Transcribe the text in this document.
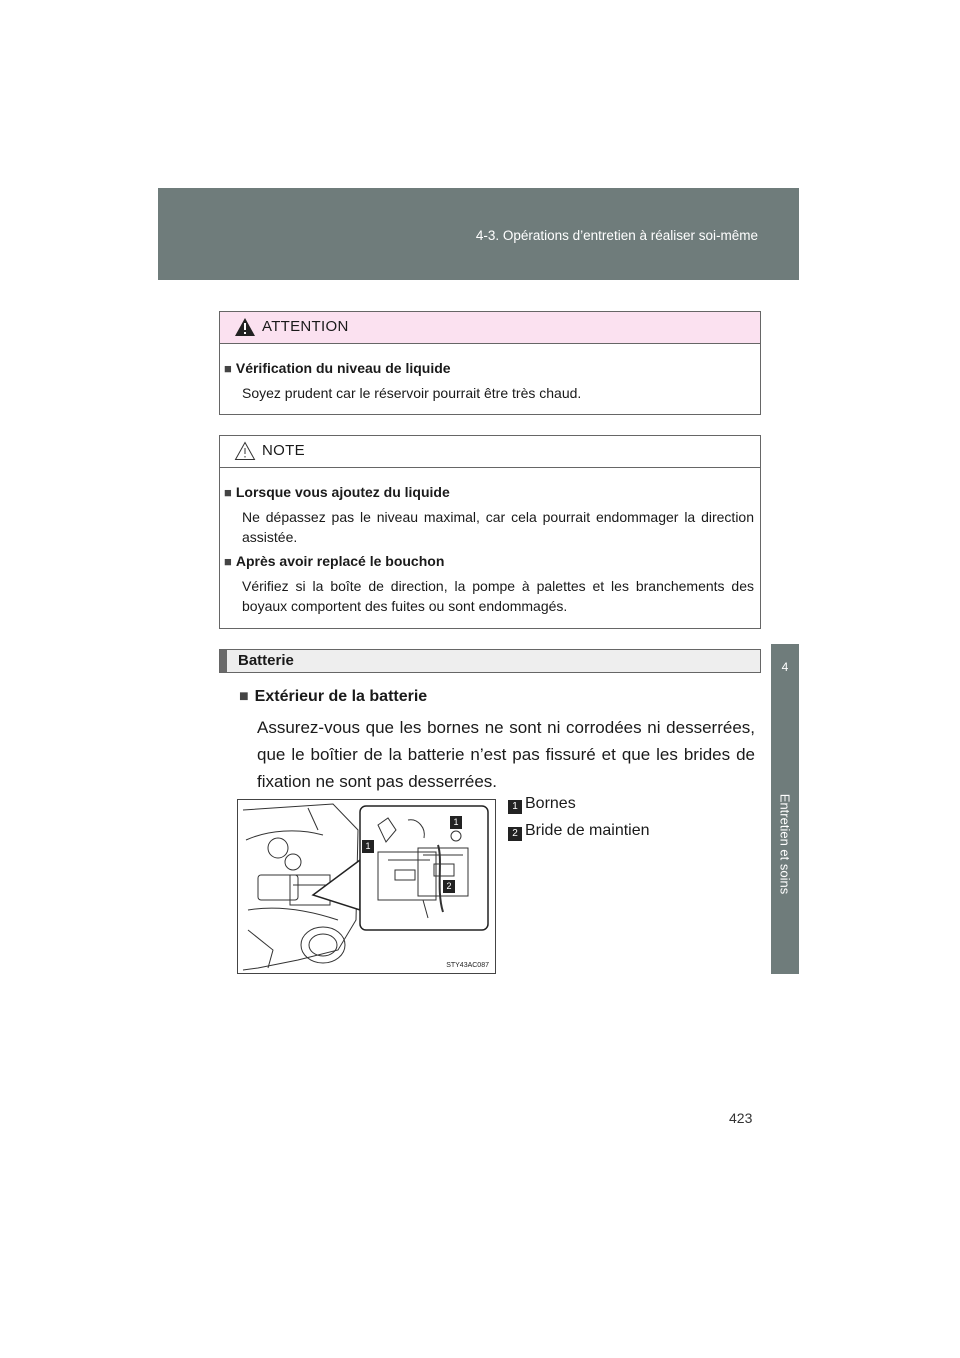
4-3. Opérations d’entretien à réaliser soi-même
4
Entretien et soins
ATTENTION
■ Vérification du niveau de liquide
Soyez prudent car le réservoir pourrait être très chaud.
NOTE
■ Lorsque vous ajoutez du liquide
Ne dépassez pas le niveau maximal, car cela pourrait endommager la direction assistée.
■ Après avoir replacé le bouchon
Vérifiez si la boîte de direction, la pompe à palettes et les branchements des boyaux comportent des fuites ou sont endommagés.
Batterie
■ Extérieur de la batterie
Assurez-vous que les bornes ne sont ni corrodées ni desserrées, que le boîtier de la batterie n’est pas fissuré et que les brides de fixation ne sont pas desserrées.
STY43AC087
1
1
2
1 Bornes
2 Bride de maintien
423
